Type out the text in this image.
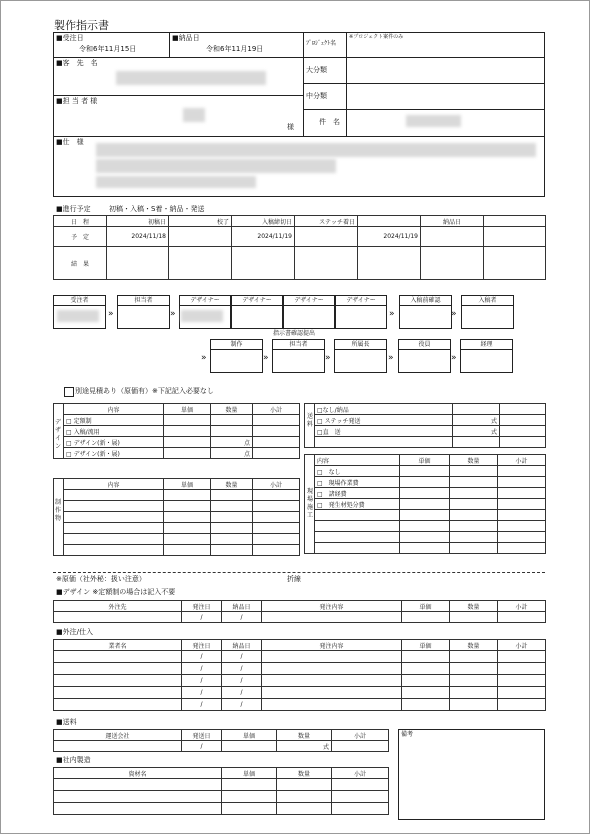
製作指示書
■受注日
令和6年11月15日
■納品日
令和6年11月19日
ﾌﾟﾛｼﾞｪｸﾄ名
※プロジェクト案件のみ
■客　先　名
大分類
中分類
■担 当 者 様
様
件　名
■仕　様
■進行予定	初稿・入稿・S着・納品・発送
日　程	初稿日	校了	入稿締切日	ステッチ着日		納品日	
予　定	2024/11/18		2024/11/19		2024/11/19		
結　果							
受注者	担当者	デザイナー	デザイナー	デザイナー	デザイナー	入稿前確認	入稿者
»	»	»	»
指示書確認提出
制作	担当者	所属長	役員	経理
»	»	»	»	»
別途見積あり（原価有）※下記記入必要なし
デザイン
	内容	単価	数量	小計
	□ 定額制			
	□ 入稿/流用			
	□ デザイン(新・展)		点	
	□ デザイン(新・展)		点	
送料
	□なし/納品		
	□ ステッチ発送	式	
	□直　送	式	

制作物
	内容	単価	数量	小計

現場施工
	内容	単価	数量	小計
	□　なし			
	□　現場作業費			
	□　諸経費			
	□　発生材処分費			

※原価（社外秘：扱い注意）	折線
■デザイン ※定額制の場合は記入不要
外注先	発注日	納品日	発注内容	単価	数量	小計
	/	/				
■外注/仕入
業者名	発注日	納品日	発注内容	単価	数量	小計
	/	/				
	/	/				
	/	/				
	/	/				
	/	/				
■送料
運送会社	発送日	単価	数量	小計
	/		式	
備考
■社内製造
資材名	単価	数量	小計
